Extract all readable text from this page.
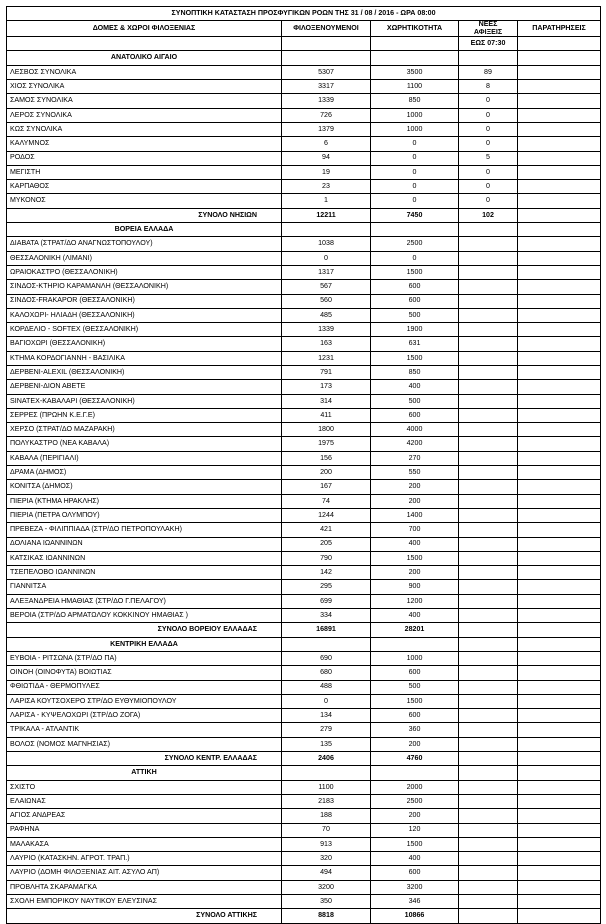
ΣΥΝΟΠΤΙΚΗ ΚΑΤΑΣΤΑΣΗ ΠΡΟΣΦΥΓΙΚΩΝ ΡΟΩΝ ΤΗΣ 31 / 08 / 2016 - ΩΡΑ 08:00				
ΔΟΜΕΣ & ΧΩΡΟΙ ΦΙΛΟΞΕΝΙΑΣ	ΦΙΛΟΞΕΝΟΥΜΕΝΟΙ	ΧΩΡΗΤΙΚΟΤΗΤΑ	ΝΕΕΣ
ΑΦΙΞΕΙΣ	ΠΑΡΑΤΗΡΗΣΕΙΣ
			ΕΩΣ 07:30	
ΑΝΑΤΟΛΙΚΟ ΑΙΓΑΙΟ				
ΛΕΣΒΟΣ ΣΥΝΟΛΙΚΑ	5307	3500	89	
ΧΙΟΣ ΣΥΝΟΛΙΚΑ	3317	1100	8	
ΣΑΜΟΣ ΣΥΝΟΛΙΚΑ	1339	850	0	
ΛΕΡΟΣ ΣΥΝΟΛΙΚΑ	726	1000	0	
ΚΩΣ ΣΥΝΟΛΙΚΑ	1379	1000	0	
ΚΑΛΥΜΝΟΣ	6	0	0	
ΡΟΔΟΣ	94	0	5	
ΜΕΓΙΣΤΗ	19	0	0	
ΚΑΡΠΑΘΟΣ	23	0	0	
ΜΥΚΟΝΟΣ	1	0	0	
ΣΥΝΟΛΟ ΝΗΣΙΩΝ	12211	7450	102	
ΒΟΡΕΙΑ ΕΛΛΑΔΑ				
ΔΙΑΒΑΤΑ (ΣΤΡΑΤ/ΔΟ ΑΝΑΓΝΩΣΤΟΠΟΥΛΟΥ)	1038	2500		
ΘΕΣΣΑΛΟΝΙΚΗ (ΛΙΜΑΝΙ)	0	0		
ΩΡΑΙΟΚΑΣΤΡΟ (ΘΕΣΣΑΛΟΝΙΚΗ)	1317	1500		
ΣΙΝΔΟΣ-ΚΤΗΡΙΟ ΚΑΡΑΜΑΝΛΗ (ΘΕΣΣΑΛΟΝΙΚΗ)	567	600		
ΣΙΝΔΟΣ-FRAKAPOR (ΘΕΣΣΑΛΟΝΙΚΗ)	560	600		
ΚΑΛΟΧΩΡΙ- ΗΛΙΑΔΗ (ΘΕΣΣΑΛΟΝΙΚΗ)	485	500		
ΚΟΡΔΕΛΙΟ - SOFTEX (ΘΕΣΣΑΛΟΝΙΚΗ)	1339	1900		
ΒΑΓΙΟΧΩΡΙ (ΘΕΣΣΑΛΟΝΙΚΗ)	163	631		
ΚΤΗΜΑ ΚΟΡΔΟΓΙΑΝΝΗ - ΒΑΣΙΛΙΚΑ	1231	1500		
ΔΕΡΒΕΝΙ-ALEXIL (ΘΕΣΣΑΛΟΝΙΚΗ)	791	850		
ΔΕΡΒΕΝΙ-ΔΙΟΝ ΑΒΕΤΕ	173	400		
SINATEX-ΚΑΒΑΛΑΡΙ (ΘΕΣΣΑΛΟΝΙΚΗ)	314	500		
ΣΕΡΡΕΣ (ΠΡΩΗΝ Κ.Ε.Γ.Ε)	411	600		
ΧΕΡΣΟ (ΣΤΡΑΤ/ΔΟ ΜΑΖΑΡΑΚΗ)	1800	4000		
ΠΟΛΥΚΑΣΤΡΟ (ΝΕΑ ΚΑΒΑΛΑ)	1975	4200		
ΚΑΒΑΛΑ (ΠΕΡΙΓΙΑΛΙ)	156	270		
ΔΡΑΜΑ (ΔΗΜΟΣ)	200	550		
ΚΟΝΙΤΣΑ (ΔΗΜΟΣ)	167	200		
ΠΙΕΡΙΑ (ΚΤΗΜΑ ΗΡΑΚΛΗΣ)	74	200		
ΠΙΕΡΙΑ (ΠΕΤΡΑ ΟΛΥΜΠΟΥ)	1244	1400		
ΠΡΕΒΕΖΑ - ΦΙΛΙΠΠΙΑΔΑ (ΣΤΡ/ΔΟ ΠΕΤΡΟΠΟΥΛΑΚΗ)	421	700		
ΔΟΛΙΑΝΑ ΙΩΑΝΝΙΝΩΝ	205	400		
ΚΑΤΣΙΚΑΣ ΙΩΑΝΝΙΝΩΝ	790	1500		
ΤΣΕΠΕΛΟΒΟ ΙΩΑΝΝΙΝΩΝ	142	200		
ΓΙΑΝΝΙΤΣΑ	295	900		
ΑΛΕΞΑΝΔΡΕΙΑ ΗΜΑΘΙΑΣ (ΣΤΡ/ΔΟ Γ.ΠΕΛΑΓΟΥ)	699	1200		
ΒΕΡΟΙΑ (ΣΤΡ/ΔΟ ΑΡΜΑΤΩΛΟΥ ΚΟΚΚΙΝΟΥ ΗΜΑΘΙΑΣ )	334	400		
ΣΥΝΟΛΟ ΒΟΡΕΙΟΥ ΕΛΛΑΔΑΣ	16891	28201		
ΚΕΝΤΡΙΚΗ ΕΛΛΑΔΑ				
ΕΥΒΟΙΑ - ΡΙΤΣΩΝΑ (ΣΤΡ/ΔΟ ΠΑ)	690	1000		
ΟΙΝΟΗ (ΟΙΝΟΦΥΤΑ) ΒΟΙΩΤΙΑΣ	680	600		
ΦΘΙΩΤΙΔΑ - ΘΕΡΜΟΠΥΛΕΣ	488	500		
ΛΑΡΙΣΑ ΚΟΥΤΣΟΧΕΡΟ ΣΤΡ/ΔΟ ΕΥΘΥΜΙΟΠΟΥΛΟΥ	0	1500		
ΛΑΡΙΣΑ - ΚΥΨΕΛΟΧΩΡΙ (ΣΤΡ/ΔΟ ΖΟΓΑ)	134	600		
ΤΡΙΚΑΛΑ - ΑΤΛΑΝΤΙΚ	279	360		
ΒΟΛΟΣ (ΝΟΜΟΣ ΜΑΓΝΗΣΙΑΣ)	135	200		
ΣΥΝΟΛΟ ΚΕΝΤΡ. ΕΛΛΑΔΑΣ	2406	4760		
ΑΤΤΙΚΗ				
ΣΧΙΣΤΟ	1100	2000		
ΕΛΑΙΩΝΑΣ	2183	2500		
ΑΓΙΟΣ ΑΝΔΡΕΑΣ	188	200		
ΡΑΦΗΝΑ	70	120		
ΜΑΛΑΚΑΣΑ	913	1500		
ΛΑΥΡΙΟ (ΚΑΤΑΣΚΗΝ. ΑΓΡΟΤ. ΤΡΑΠ.)	320	400		
ΛΑΥΡΙΟ (ΔΟΜΗ ΦΙΛΟΞΕΝΙΑΣ ΑΙΤ. ΑΣΥΛΟ ΑΠ)	494	600		
ΠΡΟΒΛΗΤΑ ΣΚΑΡΑΜΑΓΚΑ	3200	3200		
ΣΧΟΛΗ ΕΜΠΟΡΙΚΟΥ ΝΑΥΤΙΚΟΥ ΕΛΕΥΣΙΝΑΣ	350	346		
ΣΥΝΟΛΟ ΑΤΤΙΚΗΣ	8818	10866		
